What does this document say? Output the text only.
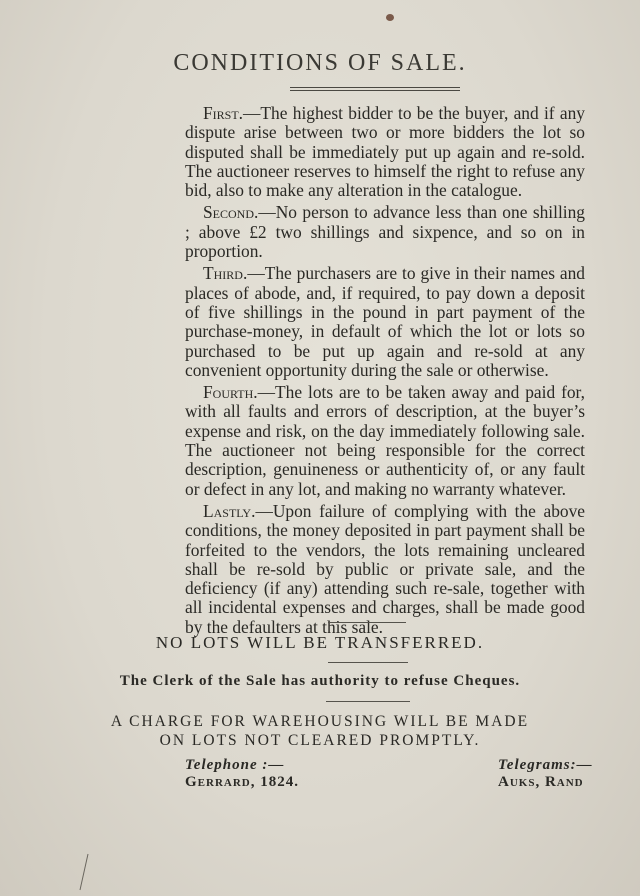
CONDITIONS OF SALE.

First.—The highest bidder to be the buyer, and if any dispute arise between two or more bidders the lot so disputed shall be immediately put up again and re-sold. The auctioneer reserves to himself the right to refuse any bid, also to make any alteration in the catalogue.

Second.—No person to advance less than one shilling ; above £2 two shillings and sixpence, and so on in proportion.

Third.—The purchasers are to give in their names and places of abode, and, if required, to pay down a deposit of five shillings in the pound in part payment of the purchase-money, in default of which the lot or lots so purchased to be put up again and re-sold at any convenient opportunity during the sale or otherwise.

Fourth.—The lots are to be taken away and paid for, with all faults and errors of description, at the buyer’s expense and risk, on the day immediately following sale. The auctioneer not being responsible for the correct description, genuineness or authenticity of, or any fault or defect in any lot, and making no warranty whatever.

Lastly.—Upon failure of complying with the above conditions, the money deposited in part payment shall be forfeited to the vendors, the lots remaining uncleared shall be re-sold by public or private sale, and the deficiency (if any) attending such re-sale, together with all incidental expenses and charges, shall be made good by the defaulters at this sale.

NO LOTS WILL BE TRANSFERRED.
The Clerk of the Sale has authority to refuse Cheques.
A CHARGE FOR WAREHOUSING WILL BE MADE
ON LOTS NOT CLEARED PROMPTLY.
Telephone :—
Gerrard, 1824.
Telegrams:—
Auks, Rand
